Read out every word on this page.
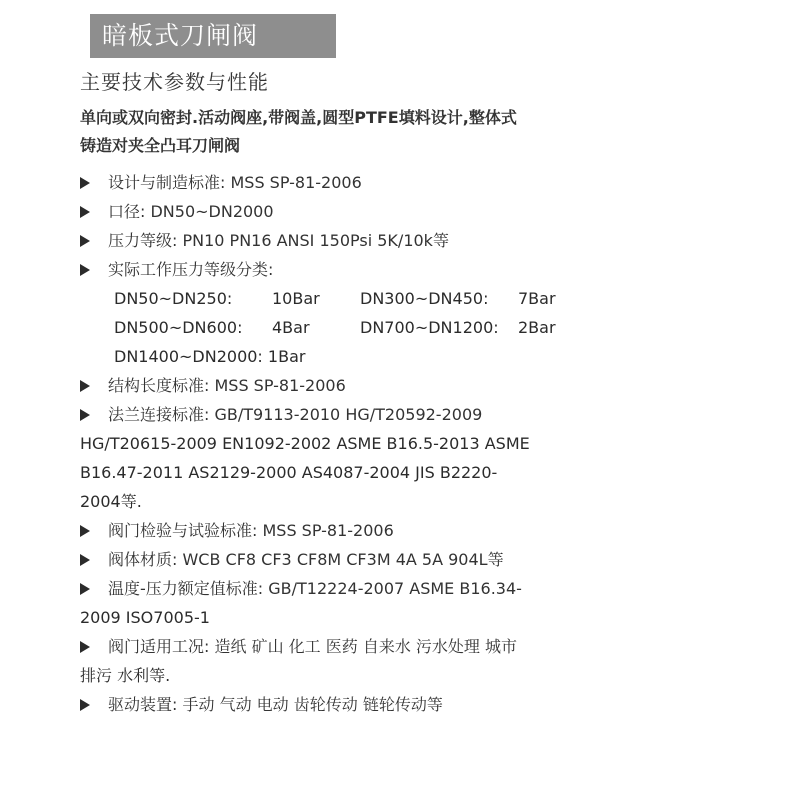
暗板式刀闸阀
主要技术参数与性能
单向或双向密封.活动阀座,带阀盖,圆型PTFE填料设计,整体式
铸造对夹全凸耳刀闸阀
设计与制造标准: MSS SP-81-2006
口径: DN50~DN2000
压力等级: PN10 PN16 ANSI 150Psi 5K/10k等
实际工作压力等级分类:
DN50~DN250: 10Bar	DN300~DN450: 7Bar
DN500~DN600: 4Bar	DN700~DN1200: 2Bar
DN1400~DN2000: 1Bar
结构长度标准: MSS SP-81-2006
法兰连接标准: GB/T9113-2010 HG/T20592-2009
HG/T20615-2009 EN1092-2002 ASME B16.5-2013 ASME
B16.47-2011 AS2129-2000 AS4087-2004 JIS B2220-
2004等.
阀门检验与试验标准: MSS SP-81-2006
阀体材质: WCB CF8 CF3 CF8M CF3M 4A 5A 904L等
温度-压力额定值标准: GB/T12224-2007 ASME B16.34-
2009 ISO7005-1
阀门适用工况: 造纸 矿山 化工 医药 自来水 污水处理 城市
排污 水利等.
驱动装置: 手动 气动 电动 齿轮传动 链轮传动等
